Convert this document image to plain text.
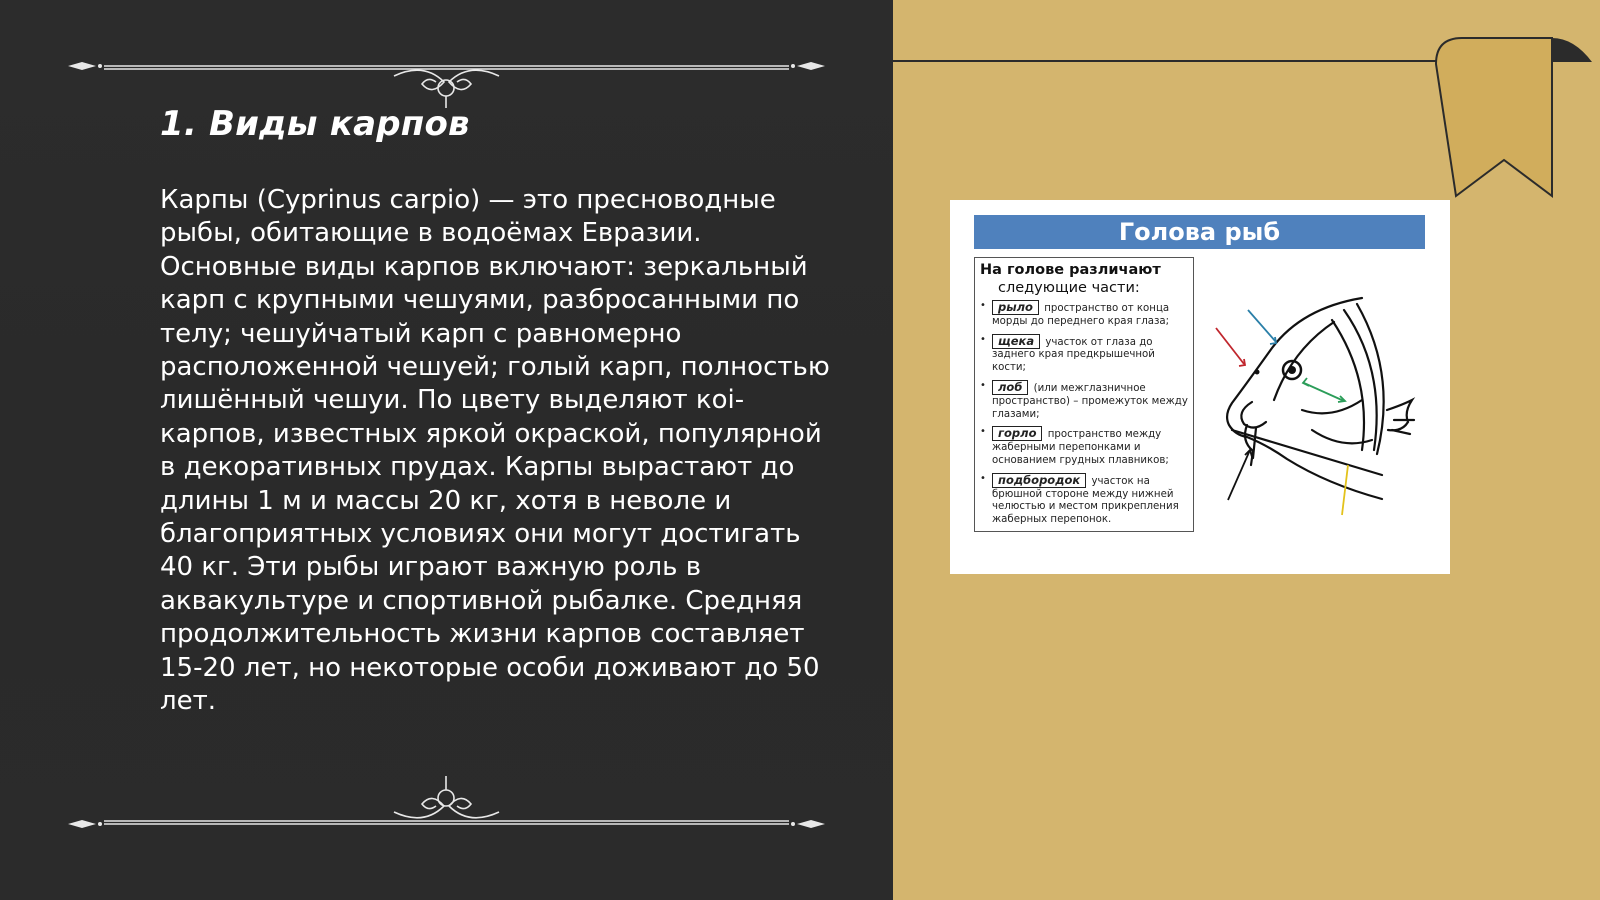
1. Виды карпов
Карпы (Cyprinus carpio) — это пресноводные рыбы, обитающие в водоёмах Евразии. Основные виды карпов включают: зеркальный карп с крупными чешуями, разбросанными по телу; чешуйчатый карп с равномерно расположенной чешуей; голый карп, полностью лишённый чешуи. По цвету выделяют кoi-карпов, известных яркой окраской, популярной в декоративных прудах. Карпы вырастают до длины 1 м и массы 20 кг, хотя в неволе и благоприятных условиях они могут достигать 40 кг. Эти рыбы играют важную роль в аквакультуре и спортивной рыбалке. Средняя продолжительность жизни карпов составляет 15-20 лет, но некоторые особи доживают до 50 лет.
Голова рыб
На голове различают
следующие части:
• рыло пространство от конца морды до переднего края глаза;
• щека участок от глаза до заднего края предкрышечной кости;
• лоб (или межглазничное пространство) – промежуток между глазами;
• горло пространство между жаберными перепонками и основанием грудных плавников;
• подбородок участок на брюшной стороне между нижней челюстью и местом прикрепления жаберных перепонок.
